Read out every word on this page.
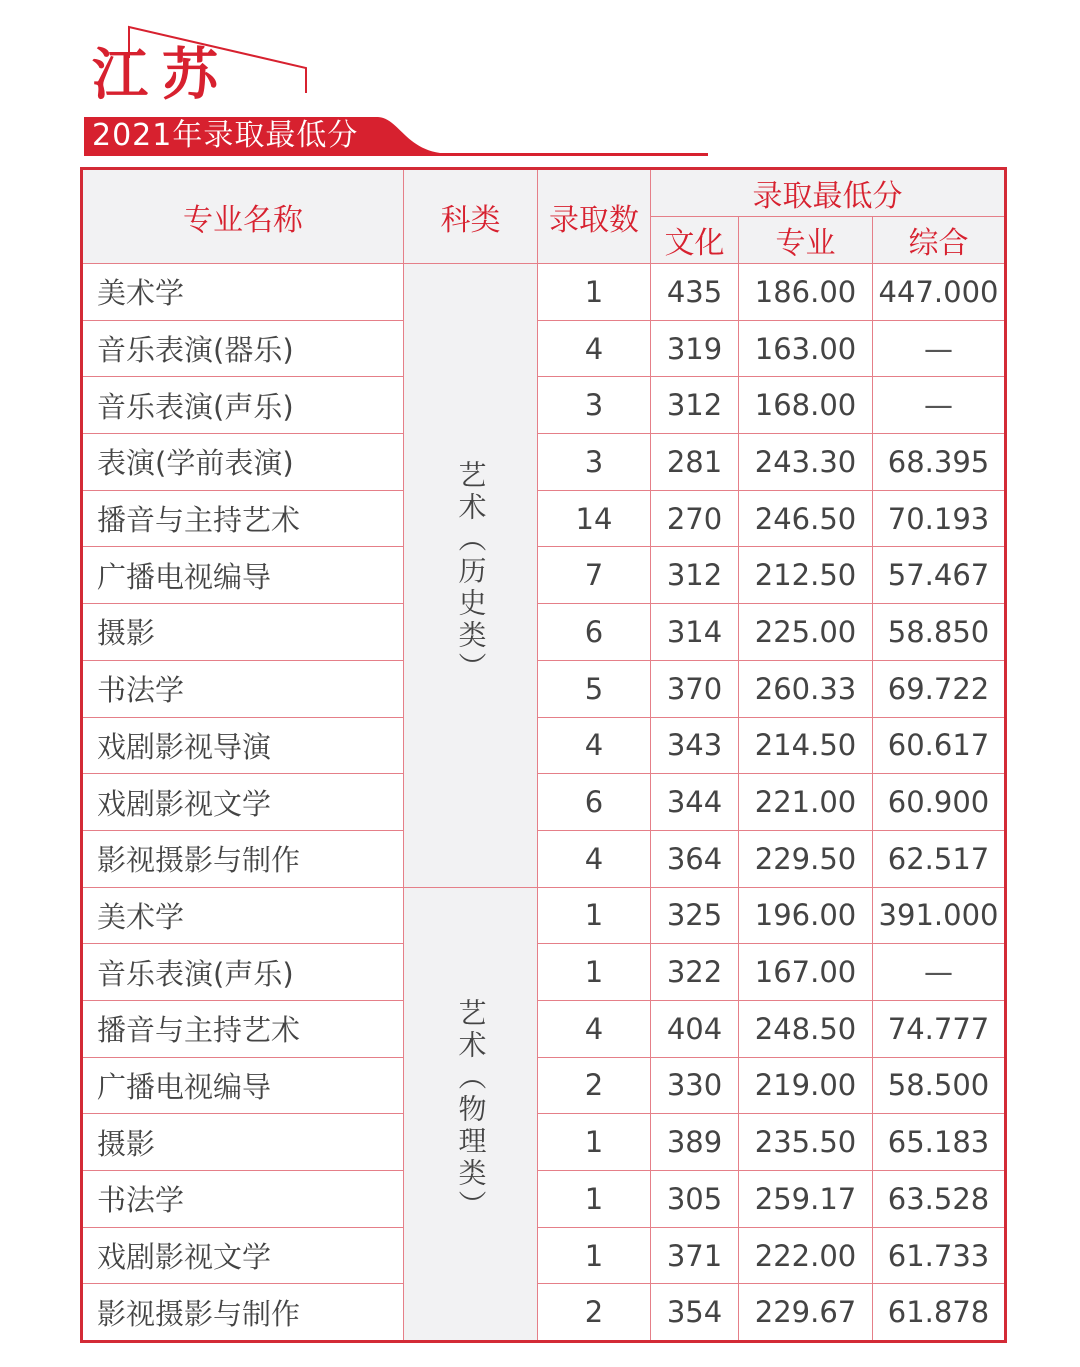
江苏
2021年录取最低分
专业名称	科类	录取数	录取最低分		
			文化	专业	综合
美术学	艺术（历史类）	1	435	186.00	447.000
音乐表演(器乐)		4	319	163.00	—
音乐表演(声乐)		3	312	168.00	—
表演(学前表演)		3	281	243.30	68.395
播音与主持艺术		14	270	246.50	70.193
广播电视编导		7	312	212.50	57.467
摄影		6	314	225.00	58.850
书法学		5	370	260.33	69.722
戏剧影视导演		4	343	214.50	60.617
戏剧影视文学		6	344	221.00	60.900
影视摄影与制作		4	364	229.50	62.517
美术学	艺术（物理类）	1	325	196.00	391.000
音乐表演(声乐)		1	322	167.00	—
播音与主持艺术		4	404	248.50	74.777
广播电视编导		2	330	219.00	58.500
摄影		1	389	235.50	65.183
书法学		1	305	259.17	63.528
戏剧影视文学		1	371	222.00	61.733
影视摄影与制作		2	354	229.67	61.878
